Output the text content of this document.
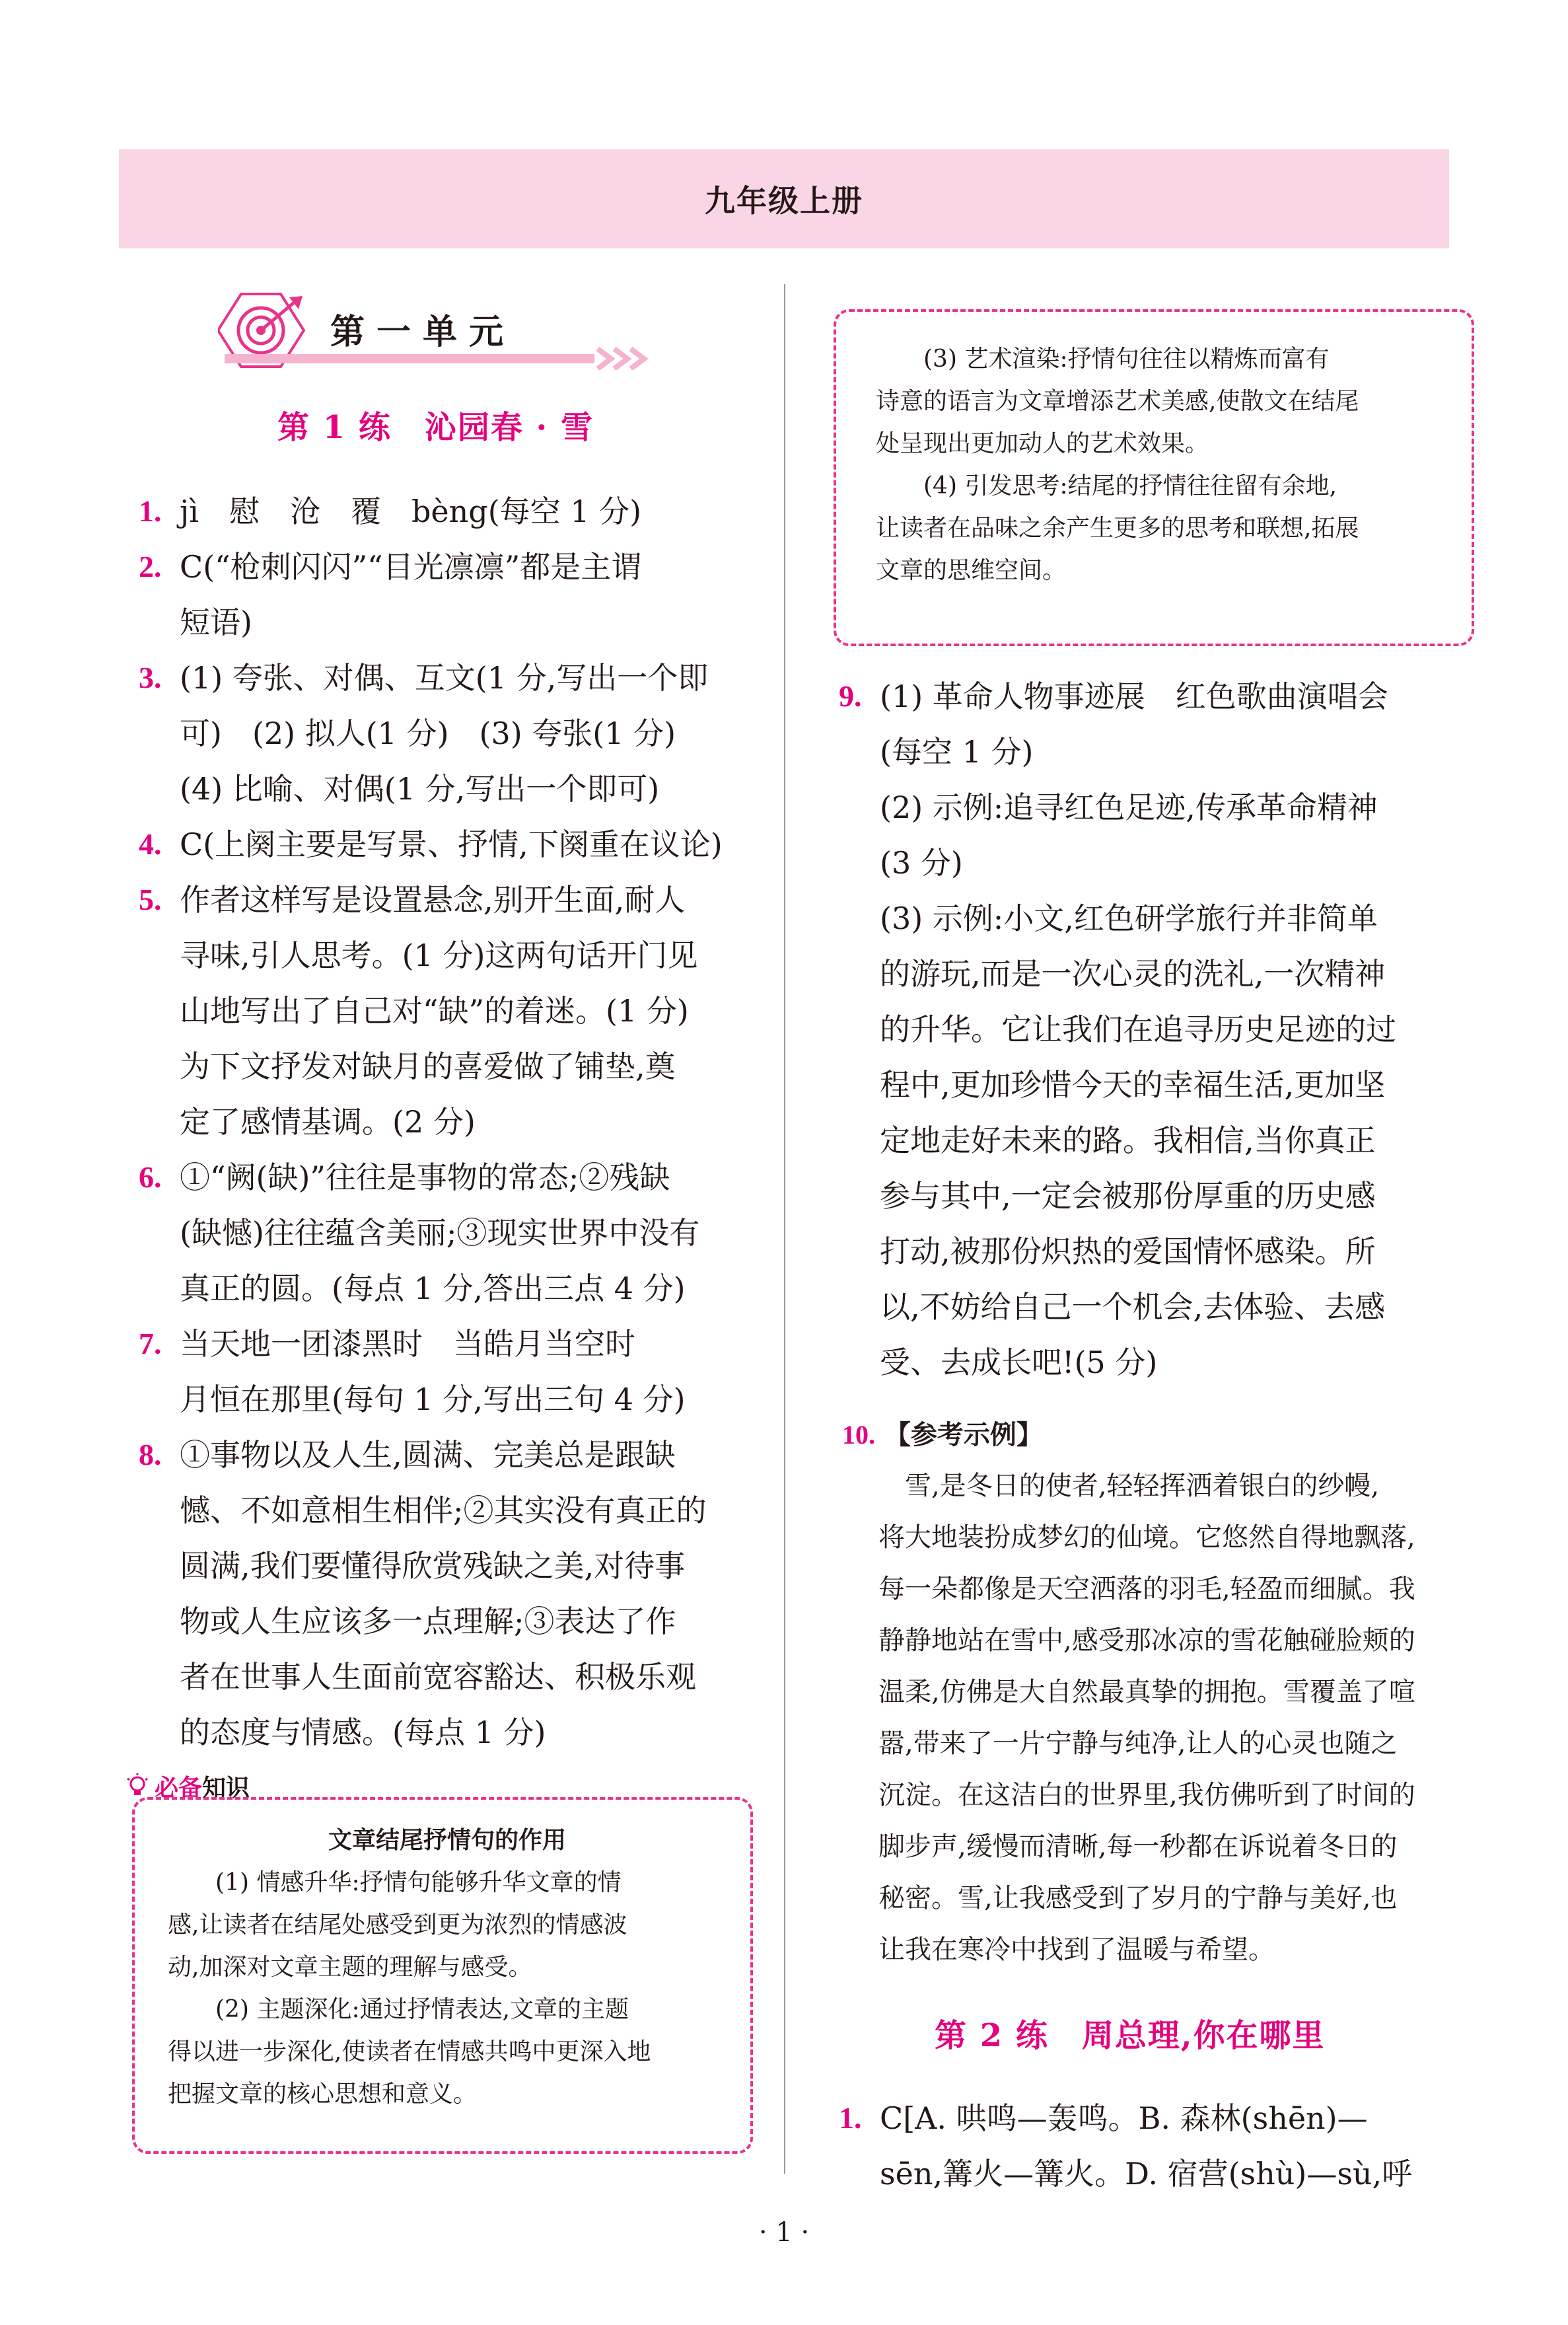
九年级上册
第一单元
第 1 练　沁园春 · 雪
1. jì　慰　沧　覆　bèng(每空 1 分)
2. C(“枪刺闪闪”“目光凛凛”都是主谓
短语)
3. (1) 夸张、对偶、互文(1 分,写出一个即
可)　(2) 拟人(1 分)　(3) 夸张(1 分)
(4) 比喻、对偶(1 分,写出一个即可)
4. C(上阕主要是写景、抒情,下阕重在议论)
5. 作者这样写是设置悬念,别开生面,耐人
寻味,引人思考。(1 分)这两句话开门见
山地写出了自己对“缺”的着迷。(1 分)
为下文抒发对缺月的喜爱做了铺垫,奠
定了感情基调。(2 分)
6. ①“阙(缺)”往往是事物的常态;②残缺
(缺憾)往往蕴含美丽;③现实世界中没有
真正的圆。(每点 1 分,答出三点 4 分)
7. 当天地一团漆黑时　当皓月当空时
月恒在那里(每句 1 分,写出三句 4 分)
8. ①事物以及人生,圆满、完美总是跟缺
憾、不如意相生相伴;②其实没有真正的
圆满,我们要懂得欣赏残缺之美,对待事
物或人生应该多一点理解;③表达了作
者在世事人生面前宽容豁达、积极乐观
的态度与情感。(每点 1 分)
必备 知识

文章结尾抒情句的作用

(1) 情感升华:抒情句能够升华文章的情

感,让读者在结尾处感受到更为浓烈的情感波

动,加深对文章主题的理解与感受。

(2) 主题深化:通过抒情表达,文章的主题

得以进一步深化,使读者在情感共鸣中更深入地

把握文章的核心思想和意义。

(3) 艺术渲染:抒情句往往以精炼而富有

诗意的语言为文章增添艺术美感,使散文在结尾

处呈现出更加动人的艺术效果。

(4) 引发思考:结尾的抒情往往留有余地,

让读者在品味之余产生更多的思考和联想,拓展

文章的思维空间。

9. (1) 革命人物事迹展　红色歌曲演唱会
(每空 1 分)
(2) 示例:追寻红色足迹,传承革命精神
(3 分)
(3) 示例:小文,红色研学旅行并非简单
的游玩,而是一次心灵的洗礼,一次精神
的升华。它让我们在追寻历史足迹的过
程中,更加珍惜今天的幸福生活,更加坚
定地走好未来的路。我相信,当你真正
参与其中,一定会被那份厚重的历史感
打动,被那份炽热的爱国情怀感染。所
以,不妨给自己一个机会,去体验、去感
受、去成长吧!(5 分)
10. 【参考示例】
　雪,是冬日的使者,轻轻挥洒着银白的纱幔,
将大地装扮成梦幻的仙境。它悠然自得地飘落,
每一朵都像是天空洒落的羽毛,轻盈而细腻。我
静静地站在雪中,感受那冰凉的雪花触碰脸颊的
温柔,仿佛是大自然最真挚的拥抱。雪覆盖了喧
嚣,带来了一片宁静与纯净,让人的心灵也随之
沉淀。在这洁白的世界里,我仿佛听到了时间的
脚步声,缓慢而清晰,每一秒都在诉说着冬日的
秘密。雪,让我感受到了岁月的宁静与美好,也
让我在寒冷中找到了温暖与希望。
第 2 练　周总理,你在哪里
1. C[A. 哄鸣—轰鸣。B. 森林(shēn)—
sēn,篝火—篝火。D. 宿营(shù)—sù,呼
· 1 ·
